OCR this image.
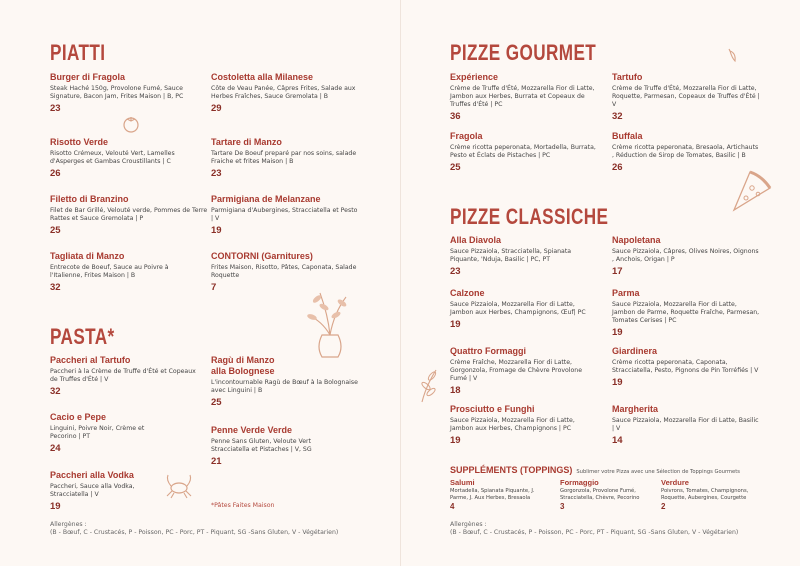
PIATTI
Burger di Fragola
Steak Haché 150g, Provolone Fumé, Sauce Signature, Bacon Jam, Frites Maison | B, PC
23
Costoletta alla Milanese
Côte de Veau Panée, Câpres Frites, Salade aux Herbes Fraîches, Sauce Gremolata | B
29
Risotto Verde
Risotto Crémeux, Velouté Vert, Lamelles d'Asperges et Gambas Croustillants | C
26
Tartare di Manzo
Tartare De Boeuf preparé par nos soins, salade Fraiche et frites Maison | B
23
Filetto di Branzino
Filet de Bar Grillé, Velouté verde, Pommes de Terre Rattes et Sauce Gremolata | P
25
Parmigiana de Melanzane
Parmigiana d'Aubergines, Stracciatella et Pesto | V
19
Tagliata di Manzo
Entrecote de Boeuf, Sauce au Poivre à l'Italienne, Frites Maison | B
32
CONTORNI (Garnitures)
Frites Maison, Risotto, Pâtes, Caponata, Salade Roquette
7
PASTA*
Paccheri al Tartufo
Paccheri à la Crème de Truffe d'Été et Copeaux de Truffes d'Été | V
32
Ragù di Manzo alla Bolognese
L'incontournable Ragù de Bœuf à la Bolognaise avec Linguini | B
25
Cacio e Pepe
Linguini, Poivre Noir, Crème et Pecorino | PT
24
Penne Verde Verde
Penne Sans Gluten, Veloute Vert Stracciatella et Pistaches | V, SG
21
Paccheri alla Vodka
Paccheri, Sauce alla Vodka, Stracciatella | V
19	*Pâtes Faites Maison
Allergènes :
(B - Bœuf, C - Crustacés, P - Poisson, PC - Porc, PT - Piquant, SG -Sans Gluten, V - Végétarien)
PIZZE GOURMET
Expérience
Crème de Truffe d'Été, Mozzarella Fior di Latte, Jambon aux Herbes, Burrata et Copeaux de Truffes d'Été | PC
36
Tartufo
Crème de Truffe d'Été, Mozzarella Fior di Latte, Roquette, Parmesan, Copeaux de Truffes d'Été | V
32
Fragola
Crème ricotta peperonata, Mortadella, Burrata, Pesto et Éclats de Pistaches | PC
25
Buffala
Crème ricotta peperonata, Bresaola, Artichauts , Réduction de Sirop de Tomates, Basilic | B
26
PIZZE CLASSICHE
Alla Diavola
Sauce Pizzaiola, Stracciatella, Spianata Piquante, 'Nduja, Basilic | PC, PT
23
Napoletana
Sauce Pizzaiola, Câpres, Olives Noires, Oignons , Anchois, Origan | P
17
Calzone
Sauce Pizzaiola, Mozzarella Fior di Latte, Jambon aux Herbes, Champignons, Œuf| PC
19
Parma
Sauce Pizzaiola, Mozzarella Fior di Latte, Jambon de Parme, Roquette Fraîche, Parmesan, Tomates Cerises | PC
19
Quattro Formaggi
Crème Fraîche, Mozzarella Fior di Latte, Gorgonzola, Fromage de Chèvre Provolone Fumé | V
18
Giardinera
Crème ricotta peperonata, Caponata, Stracciatella, Pesto, Pignons de Pin Torréfiés | V
19
Prosciutto e Funghi
Sauce Pizzaiola, Mozzarella Fior di Latte, Jambon aux Herbes, Champignons | PC
19
Margherita
Sauce Pizzaiola, Mozzarella Fior di Latte, Basilic | V
14
SUPPLÉMENTS (TOPPINGS) Sublimer votre Pizza avec une Sélection de Toppings Gourmets
Salumi
Mortadella, Spianata Piquante, J. Parme, J. Aux Herbes, Bresaola
4
Formaggio
Gorgonzola, Provolone Fumé, Stracciatella, Chèvre, Pecorino
3
Verdure
Poivrons, Tomates, Champignons, Roquette, Aubergines, Courgette
2
Allergènes :
(B - Bœuf, C - Crustacés, P - Poisson, PC - Porc, PT - Piquant, SG -Sans Gluten, V - Végétarien)
